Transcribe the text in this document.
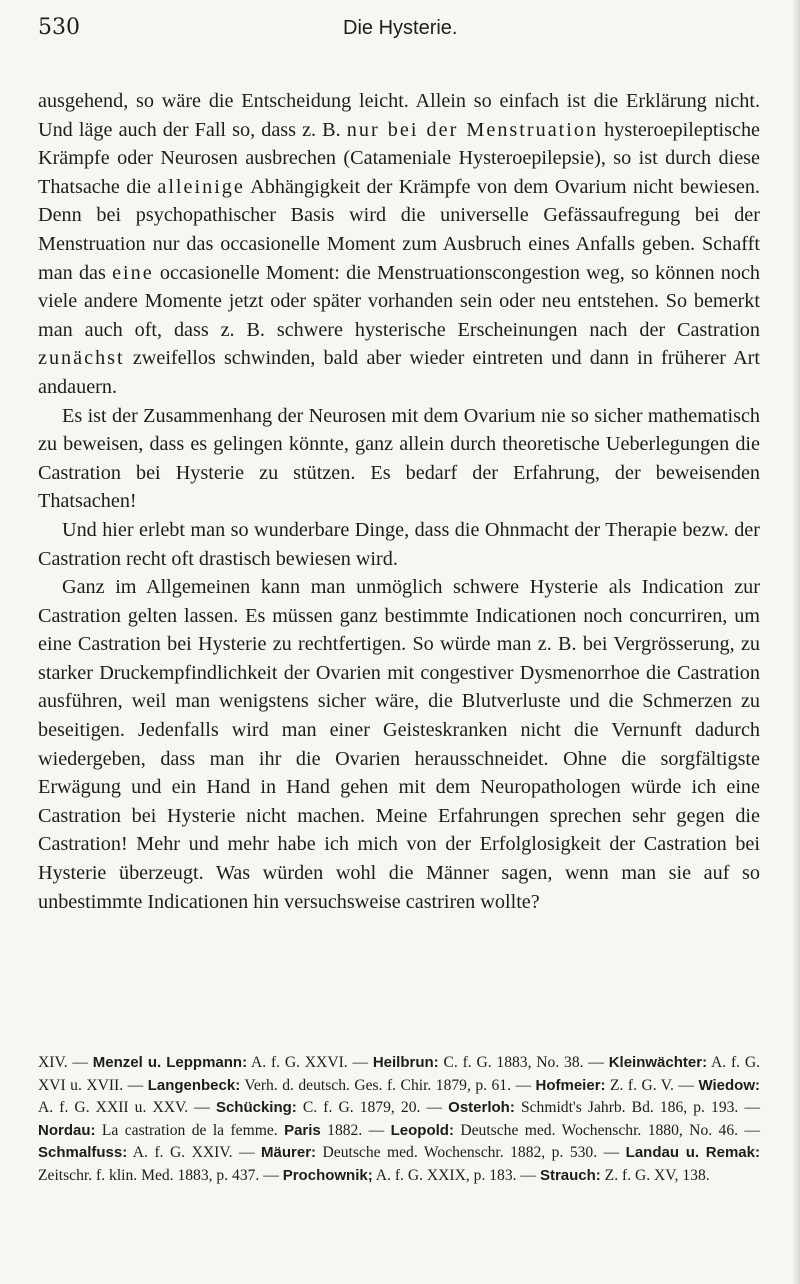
530	Die Hysterie.

ausgehend, so wäre die Entscheidung leicht. Allein so einfach ist die Erklärung nicht. Und läge auch der Fall so, dass z. B. nur bei der Menstruation hysteroepileptische Krämpfe oder Neurosen ausbrechen (Catameniale Hysteroepilepsie), so ist durch diese Thatsache die alleinige Abhängigkeit der Krämpfe von dem Ovarium nicht bewiesen. Denn bei psychopathischer Basis wird die universelle Gefässaufregung bei der Menstruation nur das occasionelle Moment zum Ausbruch eines Anfalls geben. Schafft man das eine occasionelle Moment: die Menstruationscongestion weg, so können noch viele andere Momente jetzt oder später vorhanden sein oder neu entstehen. So bemerkt man auch oft, dass z. B. schwere hysterische Erscheinungen nach der Castration zunächst zweifellos schwinden, bald aber wieder eintreten und dann in früherer Art andauern.

Es ist der Zusammenhang der Neurosen mit dem Ovarium nie so sicher mathematisch zu beweisen, dass es gelingen könnte, ganz allein durch theoretische Ueberlegungen die Castration bei Hysterie zu stützen. Es bedarf der Erfahrung, der beweisenden Thatsachen!

Und hier erlebt man so wunderbare Dinge, dass die Ohnmacht der Therapie bezw. der Castration recht oft drastisch bewiesen wird.

Ganz im Allgemeinen kann man unmöglich schwere Hysterie als Indication zur Castration gelten lassen. Es müssen ganz bestimmte Indicationen noch concurriren, um eine Castration bei Hysterie zu rechtfertigen. So würde man z. B. bei Vergrösserung, zu starker Druckempfindlichkeit der Ovarien mit congestiver Dysmenorrhoe die Castration ausführen, weil man wenigstens sicher wäre, die Blutverluste und die Schmerzen zu beseitigen. Jedenfalls wird man einer Geisteskranken nicht die Vernunft dadurch wiedergeben, dass man ihr die Ovarien herausschneidet. Ohne die sorgfältigste Erwägung und ein Hand in Hand gehen mit dem Neuropathologen würde ich eine Castration bei Hysterie nicht machen. Meine Erfahrungen sprechen sehr gegen die Castration! Mehr und mehr habe ich mich von der Erfolglosigkeit der Castration bei Hysterie überzeugt. Was würden wohl die Männer sagen, wenn man sie auf so unbestimmte Indicationen hin versuchsweise castriren wollte?

XIV. — Menzel u. Leppmann: A. f. G. XXVI. — Heilbrun: C. f. G. 1883, No. 38. — Kleinwächter: A. f. G. XVI u. XVII. — Langenbeck: Verh. d. deutsch. Ges. f. Chir. 1879, p. 61. — Hofmeier: Z. f. G. V. — Wiedow: A. f. G. XXII u. XXV. — Schücking: C. f. G. 1879, 20. — Osterloh: Schmidt's Jahrb. Bd. 186, p. 193. — Nordau: La castration de la femme. Paris 1882. — Leopold: Deutsche med. Wochenschr. 1880, No. 46. — Schmalfuss: A. f. G. XXIV. — Mäurer: Deutsche med. Wochenschr. 1882, p. 530. — Landau u. Remak: Zeitschr. f. klin. Med. 1883, p. 437. — Prochownik; A. f. G. XXIX, p. 183. — Strauch: Z. f. G. XV, 138.
